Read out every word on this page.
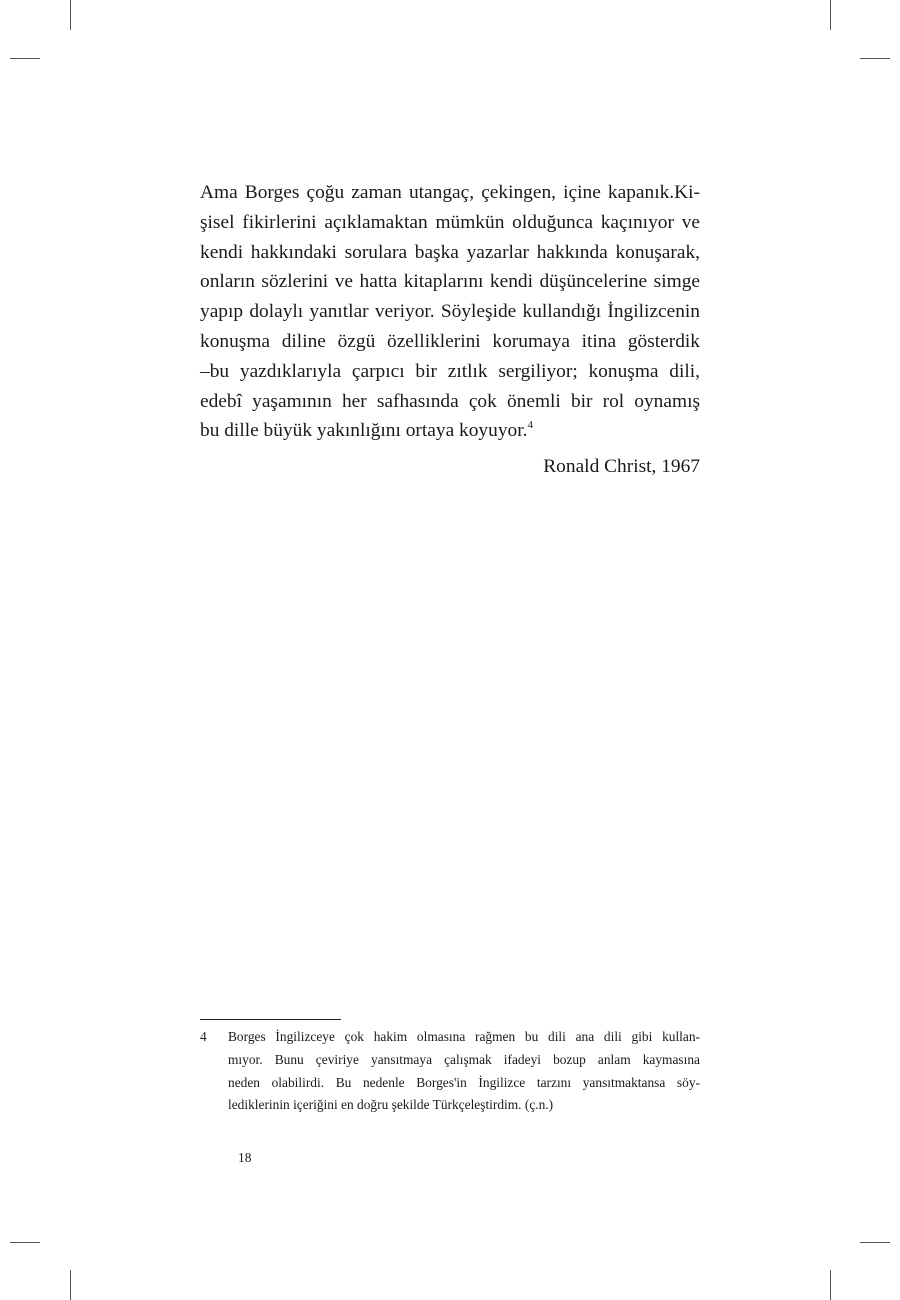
Ama Borges çoğu zaman utangaç, çekingen, içine kapanık.Ki-
şisel fikirlerini açıklamaktan mümkün olduğunca kaçınıyor ve
kendi hakkındaki sorulara başka yazarlar hakkında konuşarak,
onların sözlerini ve hatta kitaplarını kendi düşüncelerine simge
yapıp dolaylı yanıtlar veriyor. Söyleşide kullandığı İngilizcenin
konuşma diline özgü özelliklerini korumaya itina gösterdik
–bu yazdıklarıyla çarpıcı bir zıtlık sergiliyor; konuşma dili,
edebî yaşamının her safhasında çok önemli bir rol oynamış
bu dille büyük yakınlığını ortaya koyuyor.$^4$
Ronald Christ, 1967
4 Borges İngilizceye çok hakim olmasına rağmen bu dili ana dili gibi kullan-
mıyor. Bunu çeviriye yansıtmaya çalışmak ifadeyi bozup anlam kaymasına
neden olabilirdi. Bu nedenle Borges'in İngilizce tarzını yansıtmaktansa söy-
lediklerinin içeriğini en doğru şekilde Türkçeleştirdim. (ç.n.)
18
